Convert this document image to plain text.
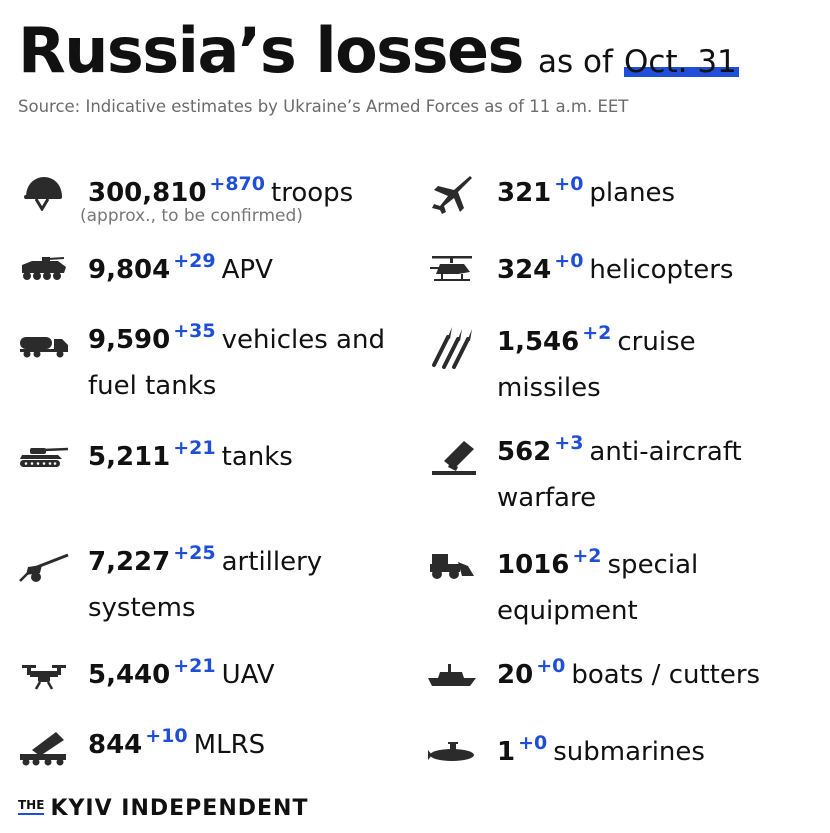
Russia’s losses as of Oct. 31
Source: Indicative estimates by Ukraine’s Armed Forces as of 11 a.m. EET
300,810 $^{+870}$ troops
(approx., to be confirmed)
9,804 $^{+29}$ APV
9,590 $^{+35}$ vehicles and
fuel tanks
5,211 $^{+21}$ tanks
7,227 $^{+25}$ artillery
systems
5,440 $^{+21}$ UAV
844 $^{+10}$ MLRS
321 $^{+0}$ planes
324 $^{+0}$ helicopters
1,546 $^{+2}$ cruise
missiles
562 $^{+3}$ anti-aircraft
warfare
1016 $^{+2}$ special
equipment
20 $^{+0}$ boats / cutters
1 $^{+0}$ submarines
$^{THE}$ KYIV INDEPENDENT
